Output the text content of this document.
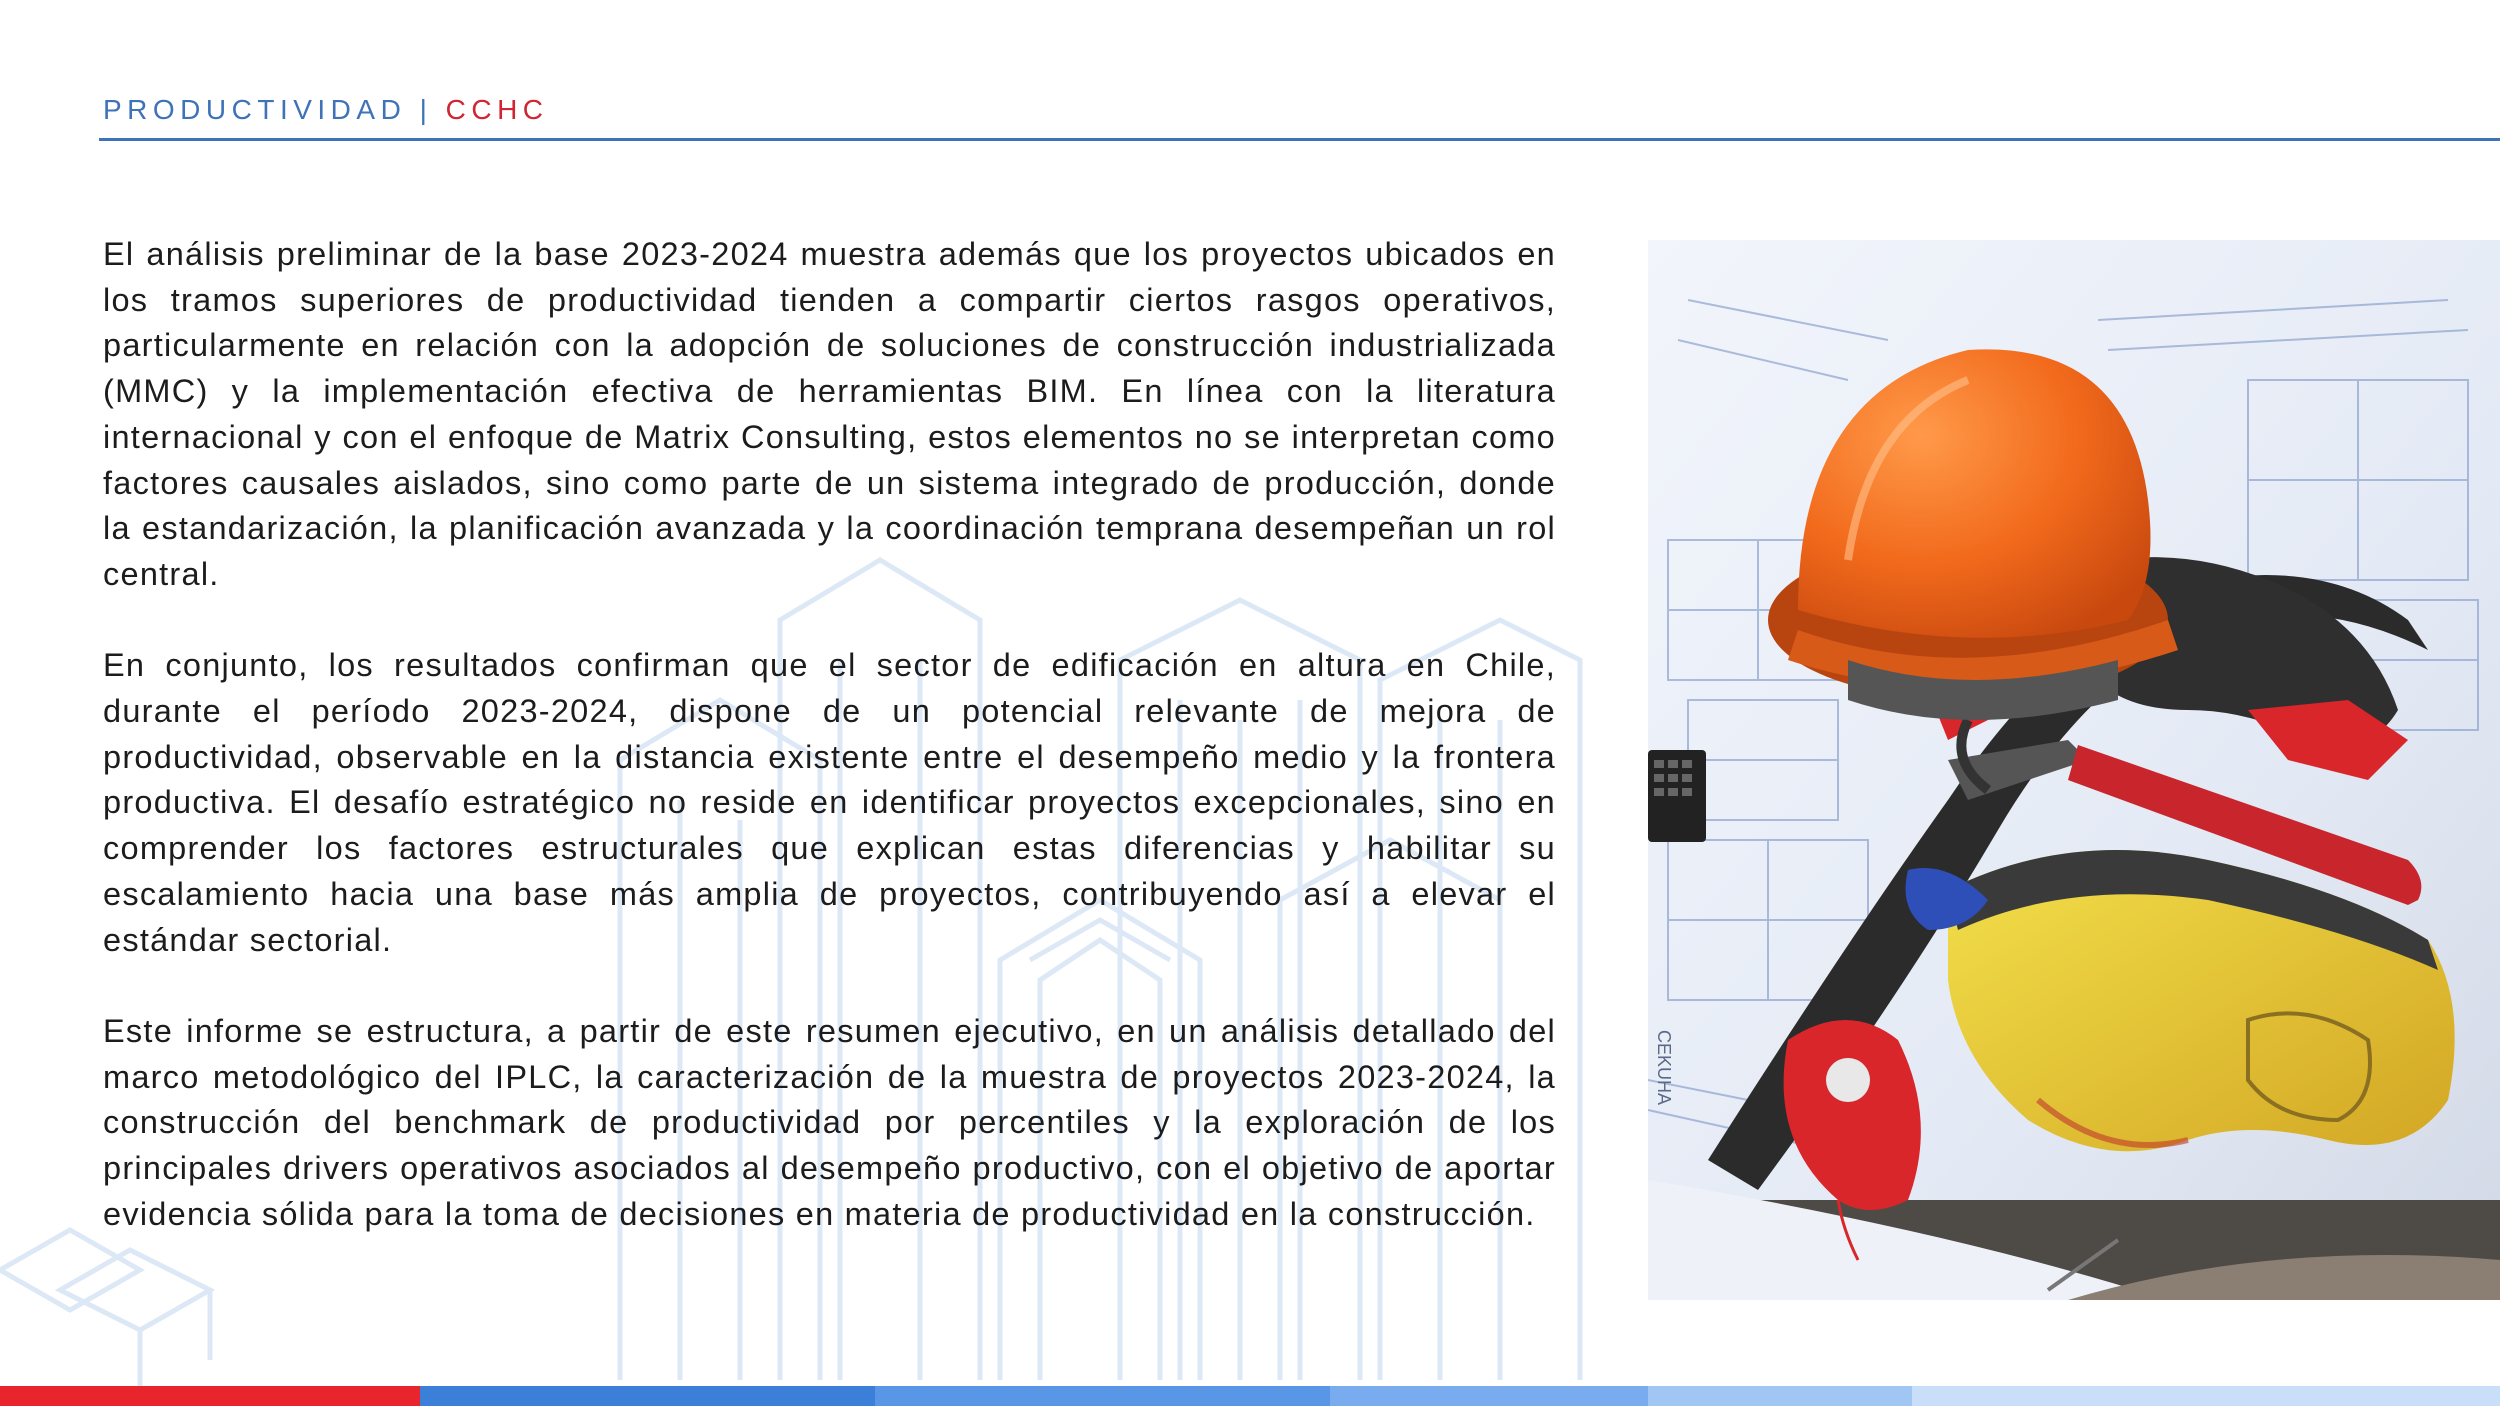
PRODUCTIVIDAD | CCHC

El análisis preliminar de la base 2023-2024 muestra además que los proyectos ubicados en los tramos superiores de productividad tienden a compartir ciertos rasgos operativos, particularmente en relación con la adopción de soluciones de construcción industrializada (MMC) y la implementación efectiva de herramientas BIM. En línea con la literatura internacional y con el enfoque de Matrix Consulting, estos elementos no se interpretan como factores causales aislados, sino como parte de un sistema integrado de producción, donde la estandarización, la planificación avanzada y la coordinación temprana desempeñan un rol central.

En conjunto, los resultados confirman que el sector de edificación en altura en Chile, durante el período 2023-2024, dispone de un potencial relevante de mejora de productividad, observable en la distancia existente entre el desempeño medio y la frontera productiva. El desafío estratégico no reside en identificar proyectos excepcionales, sino en comprender los factores estructurales que explican estas diferencias y habilitar su escalamiento hacia una base más amplia de proyectos, contribuyendo así a elevar el estándar sectorial.

Este informe se estructura, a partir de este resumen ejecutivo, en un análisis detallado del marco metodológico del IPLC, la caracterización de la muestra de proyectos 2023-2024, la construcción del benchmark de productividad por percentiles y la exploración de los principales drivers operativos asociados al desempeño productivo, con el objetivo de aportar evidencia sólida para la toma de decisiones en materia de productividad en la construcción.

CEKUHA
